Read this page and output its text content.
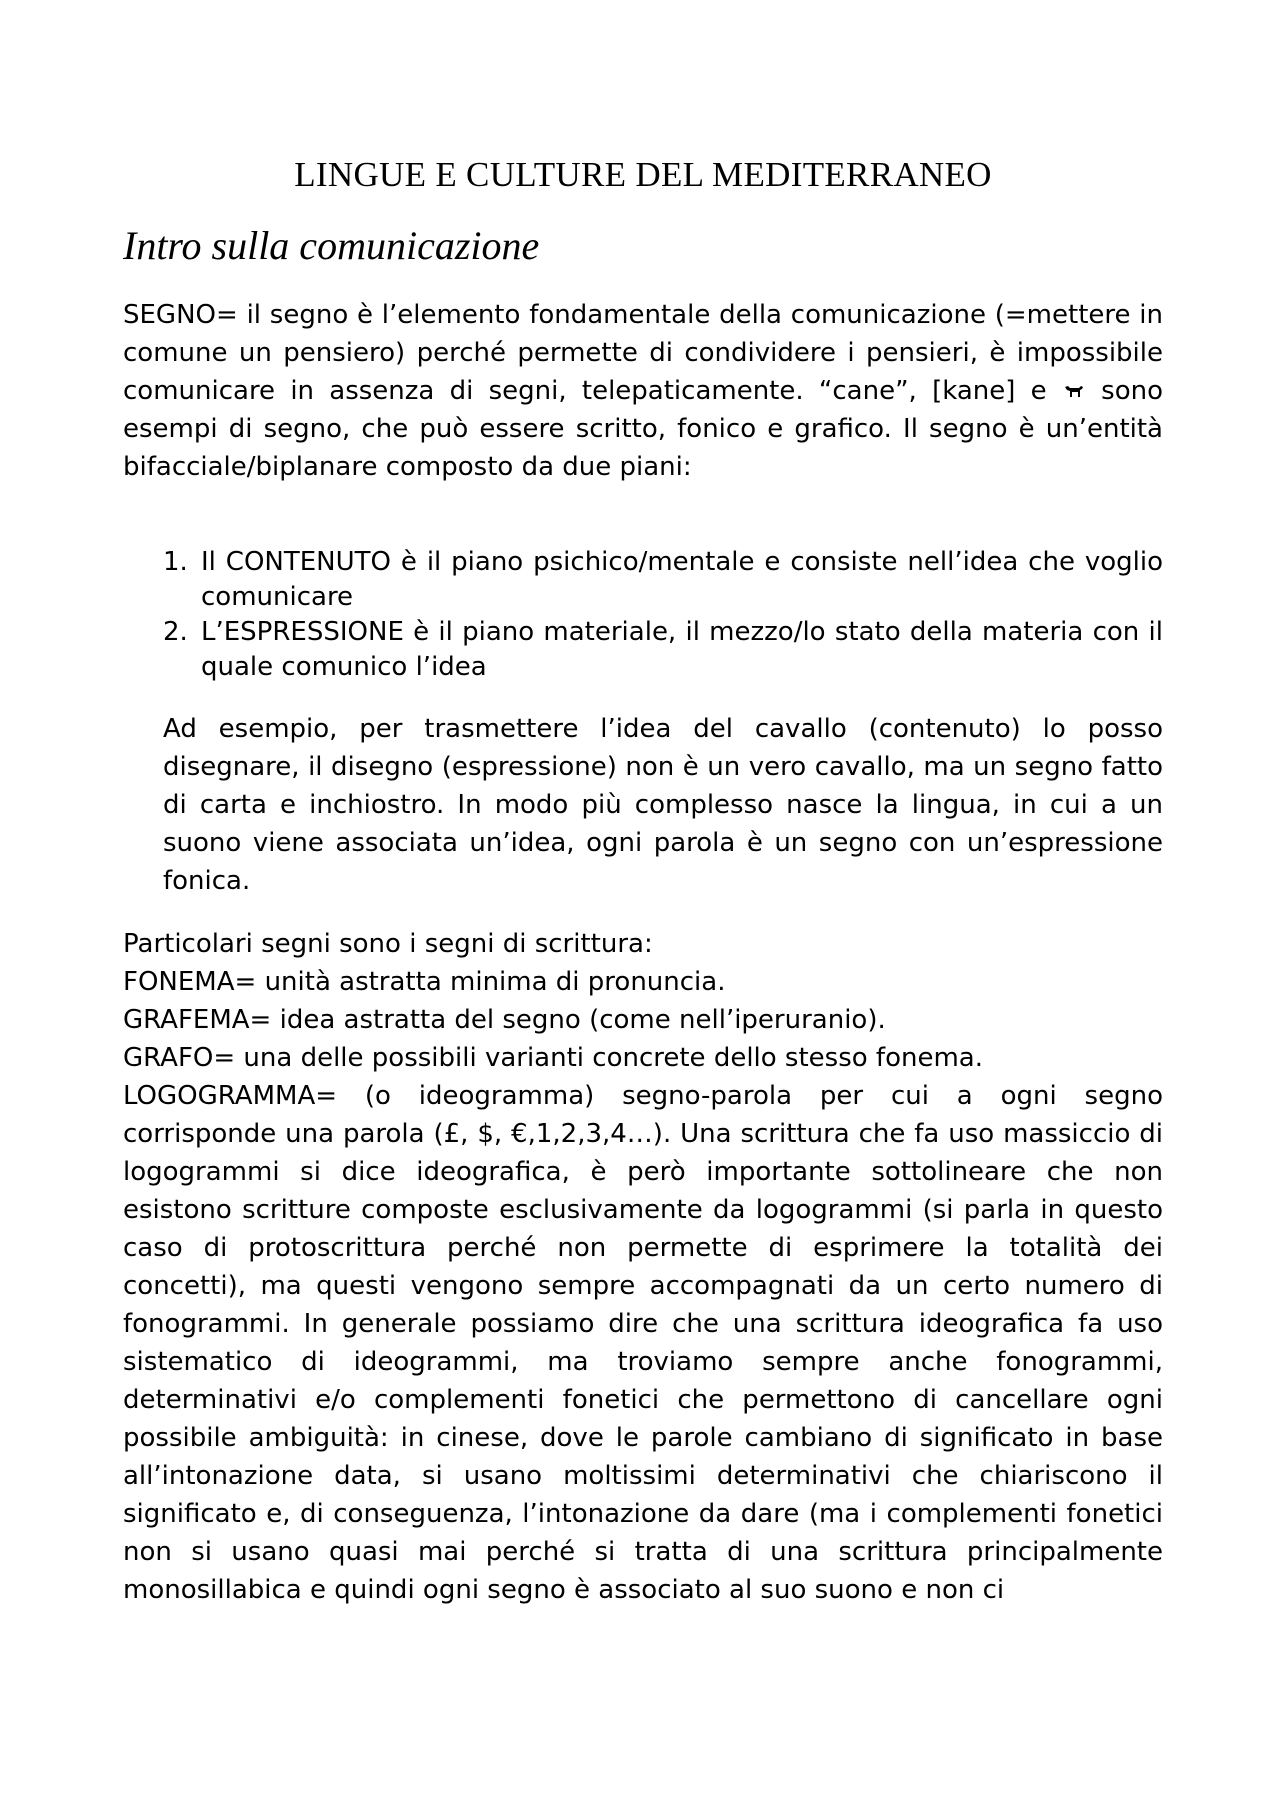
LINGUE E CULTURE DEL MEDITERRANEO
Intro sulla comunicazione

SEGNO= il segno è l’elemento fondamentale della comunicazione (=mettere in comune un pensiero) perché permette di condividere i pensieri, è impossibile comunicare in assenza di segni, telepaticamente. “cane”, [kane] e sono esempi di segno, che può essere scritto, fonico e grafico. Il segno è un’entità bifacciale/biplanare composto da due piani:

1. Il CONTENUTO è il piano psichico/mentale e consiste nell’idea che voglio comunicare
2. L’ESPRESSIONE è il piano materiale, il mezzo/lo stato della materia con il quale comunico l’idea

Ad esempio, per trasmettere l’idea del cavallo (contenuto) lo posso disegnare, il disegno (espressione) non è un vero cavallo, ma un segno fatto di carta e inchiostro. In modo più complesso nasce la lingua, in cui a un suono viene associata un’idea, ogni parola è un segno con un’espressione fonica.

Particolari segni sono i segni di scrittura:
FONEMA= unità astratta minima di pronuncia.
GRAFEMA= idea astratta del segno (come nell’iperuranio).
GRAFO= una delle possibili varianti concrete dello stesso fonema.
LOGOGRAMMA= (o ideogramma) segno-parola per cui a ogni segno corrisponde una parola (£, $, €,1,2,3,4…). Una scrittura che fa uso massiccio di logogrammi si dice ideografica, è però importante sottolineare che non esistono scritture composte esclusivamente da logogrammi (si parla in questo caso di protoscrittura perché non permette di esprimere la totalità dei concetti), ma questi vengono sempre accompagnati da un certo numero di fonogrammi. In generale possiamo dire che una scrittura ideografica fa uso sistematico di ideogrammi, ma troviamo sempre anche fonogrammi, determinativi e/o complementi fonetici che permettono di cancellare ogni possibile ambiguità: in cinese, dove le parole cambiano di significato in base all’intonazione data, si usano moltissimi determinativi che chiariscono il significato e, di conseguenza, l’intonazione da dare (ma i complementi fonetici non si usano quasi mai perché si tratta di una scrittura principalmente monosillabica e quindi ogni segno è associato al suo suono e non ci
